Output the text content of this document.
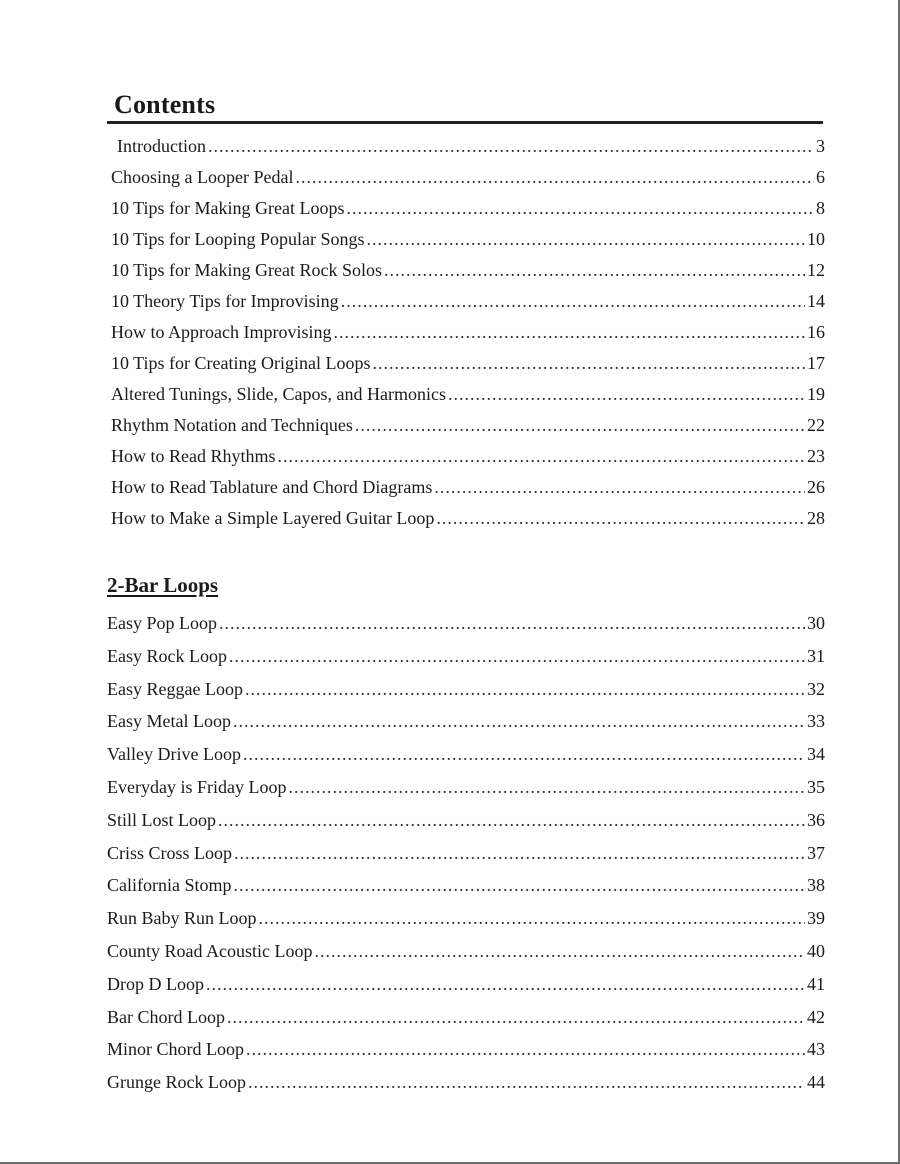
Contents
Introduction .....	3
Choosing a Looper Pedal .....	6
10 Tips for Making Great Loops .....	8
10 Tips for Looping Popular Songs .....	10
10 Tips for Making Great Rock Solos .....	12
10 Theory Tips for Improvising .....	14
How to Approach Improvising .....	16
10 Tips for Creating Original Loops .....	17
Altered Tunings, Slide, Capos, and Harmonics .....	19
Rhythm Notation and Techniques .....	22
How to Read Rhythms .....	23
How to Read Tablature and Chord Diagrams .....	26
How to Make a Simple Layered Guitar Loop .....	28
2-Bar Loops
Easy Pop Loop .....	30
Easy Rock Loop .....	31
Easy Reggae Loop .....	32
Easy Metal Loop .....	33
Valley Drive Loop .....	34
Everyday is Friday Loop .....	35
Still Lost Loop .....	36
Criss Cross Loop .....	37
California Stomp .....	38
Run Baby Run Loop .....	39
County Road Acoustic Loop .....	40
Drop D Loop .....	41
Bar Chord Loop .....	42
Minor Chord Loop .....	43
Grunge Rock Loop .....	44
